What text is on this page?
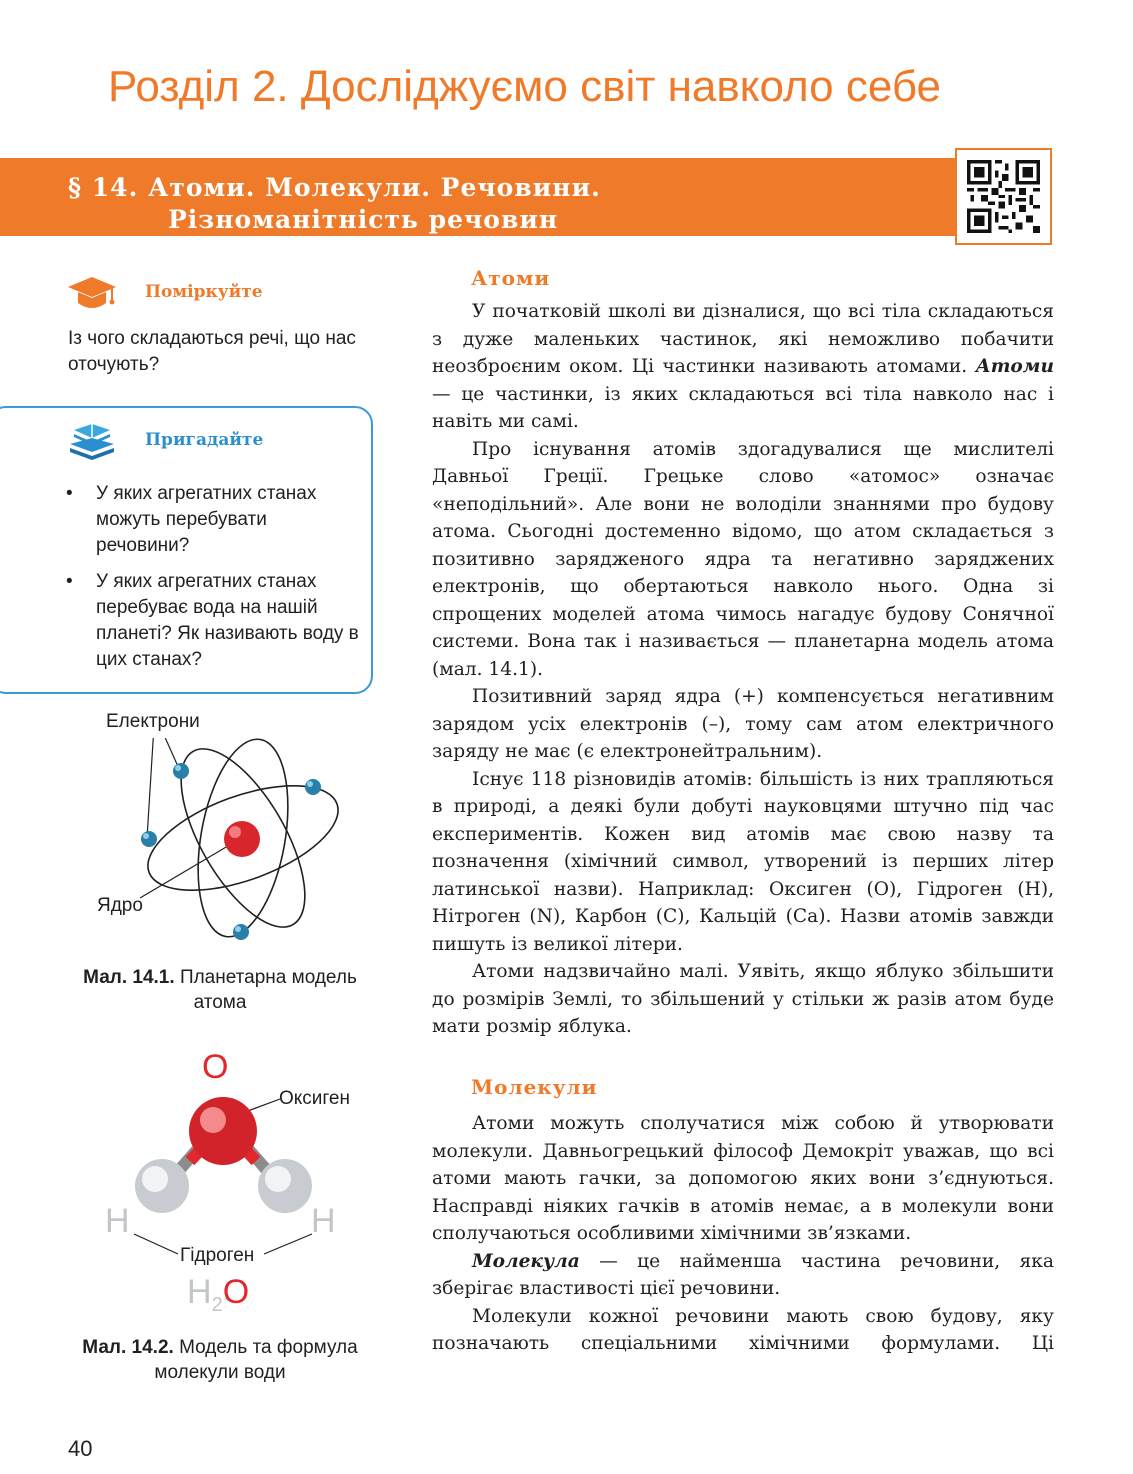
Розділ 2. Досліджуємо світ навколо себе
§ 14. Атоми. Молекули. Речовини.
Різноманітність речовин
Поміркуйте
Із чого складаються речі, що нас оточують?
Пригадайте
• У яких агрегатних станах можуть перебувати речовини?
• У яких агрегатних станах перебуває вода на нашій планеті? Як називають воду в цих станах?
Електрони
Ядро
Мал. 14.1. Планетарна модель атома
O
Оксиген
H	H
Гідроген
$H_2O$
Мал. 14.2. Модель та формула молекули води
Атоми

У початковій школі ви дізналися, що всі тіла складаються з дуже маленьких частинок, які неможливо побачити неозброєним оком. Ці частинки називають атомами. Атоми — це частинки, із яких складаються всі тіла навколо нас і навіть ми самі.

Про існування атомів здогадувалися ще мислителі Давньої Греції. Грецьке слово «атомос» означає «неподільний». Але вони не володіли знаннями про будову атома. Сьогодні достеменно відомо, що атом складається з позитивно зарядженого ядра та негативно заряджених електронів, що обертаються навколо нього. Одна зі спрощених моделей атома чимось нагадує будову Сонячної системи. Вона так і називається — планетарна модель атома (мал. 14.1).

Позитивний заряд ядра (+) компенсується негативним зарядом усіх електронів (–), тому сам атом електричного заряду не має (є електронейтральним).

Існує 118 різновидів атомів: більшість із них трапляються в природі, а деякі були добуті науковцями штучно під час експериментів. Кожен вид атомів має свою назву та позначення (хімічний символ, утворений із перших літер латинської назви). Наприклад: Оксиген (O), Гідроген (H), Нітроген (N), Карбон (C), Кальцій (Ca). Назви атомів завжди пишуть із великої літери.

Атоми надзвичайно малі. Уявіть, якщо яблуко збільшити до розмірів Землі, то збільшений у стільки ж разів атом буде мати розмір яблука.

Молекули

Атоми можуть сполучатися між собою й утворювати молекули. Давньогрецький філософ Демокріт уважав, що всі атоми мають гачки, за допомогою яких вони з’єднуються. Насправді ніяких гачків в атомів немає, а в молекули вони сполучаються особливими хімічними зв’язками.

Молекула — це найменша частина речовини, яка зберігає властивості цієї речовини.

Молекули кожної речовини мають свою будову, яку позначають спеціальними хімічними формулами. Ці

40
